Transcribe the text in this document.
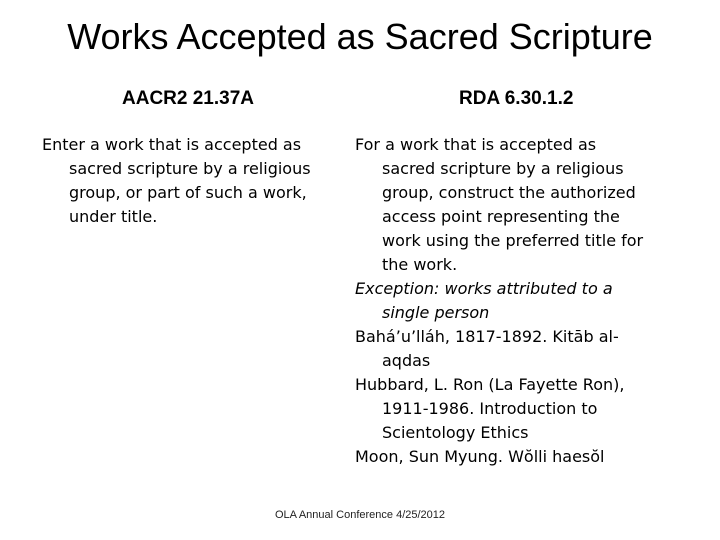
Works Accepted as Sacred Scripture
AACR2 21.37A	RDA 6.30.1.2

Enter a work that is accepted as
sacred scripture by a religious
group, or part of such a work,
under title.

For a work that is accepted as
sacred scripture by a religious
group, construct the authorized
access point representing the
work using the preferred title for
the work.

Exception: works attributed to a
single person

Bahá’u’lláh, 1817-1892. Kitāb al-
aqdas

Hubbard, L. Ron (La Fayette Ron),
1911-1986. Introduction to
Scientology Ethics

Moon, Sun Myung. Wŏlli haesŏl

OLA Annual Conference 4/25/2012
